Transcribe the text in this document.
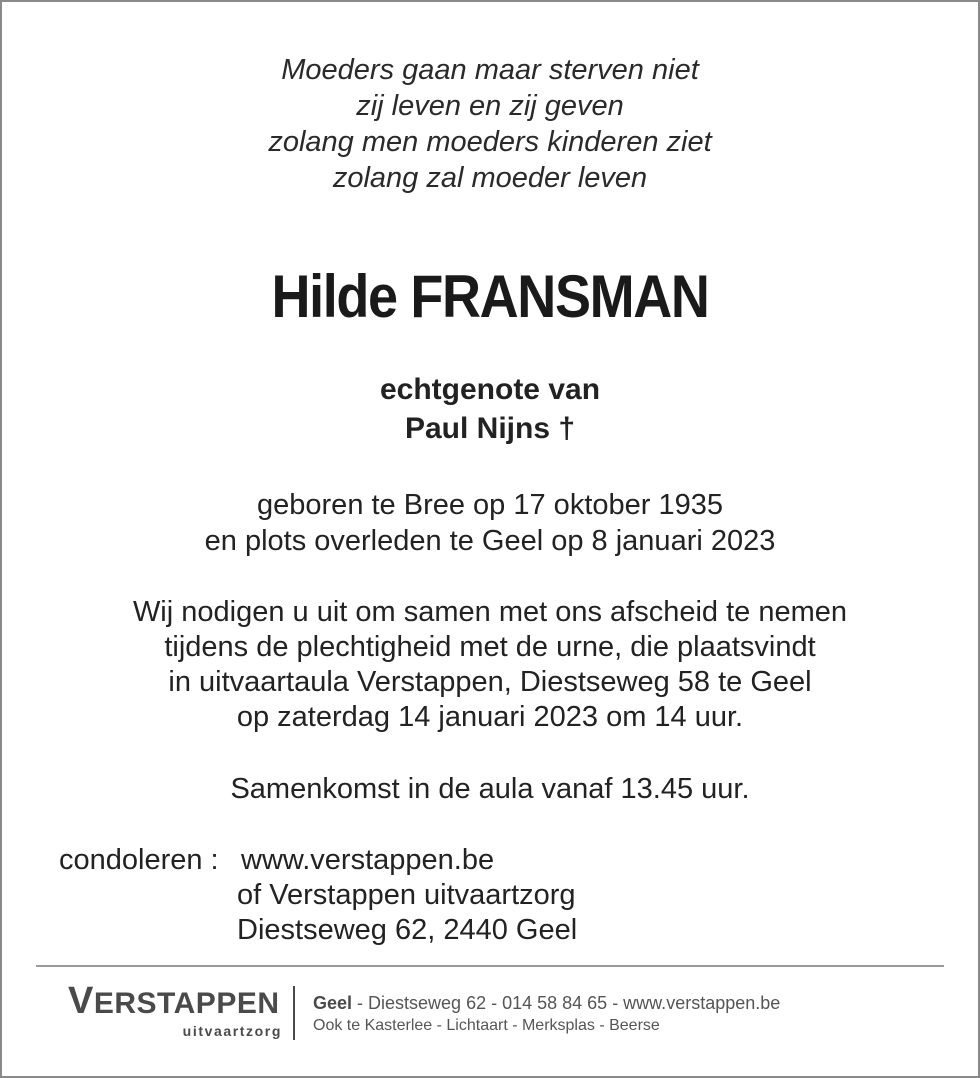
Moeders gaan maar sterven niet
zij leven en zij geven
zolang men moeders kinderen ziet
zolang zal moeder leven
Hilde FRANSMAN
echtgenote van
Paul Nijns †
geboren te Bree op 17 oktober 1935
en plots overleden te Geel op 8 januari 2023
Wij nodigen u uit om samen met ons afscheid te nemen
tijdens de plechtigheid met de urne, die plaatsvindt
in uitvaartaula Verstappen, Diestseweg 58 te Geel
op zaterdag 14 januari 2023 om 14 uur.
Samenkomst in de aula vanaf 13.45 uur.
condoleren : www.verstappen.be
of Verstappen uitvaartzorg
Diestseweg 62, 2440 Geel
VERSTAPPEN
uitvaartzorg
Geel - Diestseweg 62 - 014 58 84 65 - www.verstappen.be
Ook te Kasterlee - Lichtaart - Merksplas - Beerse
